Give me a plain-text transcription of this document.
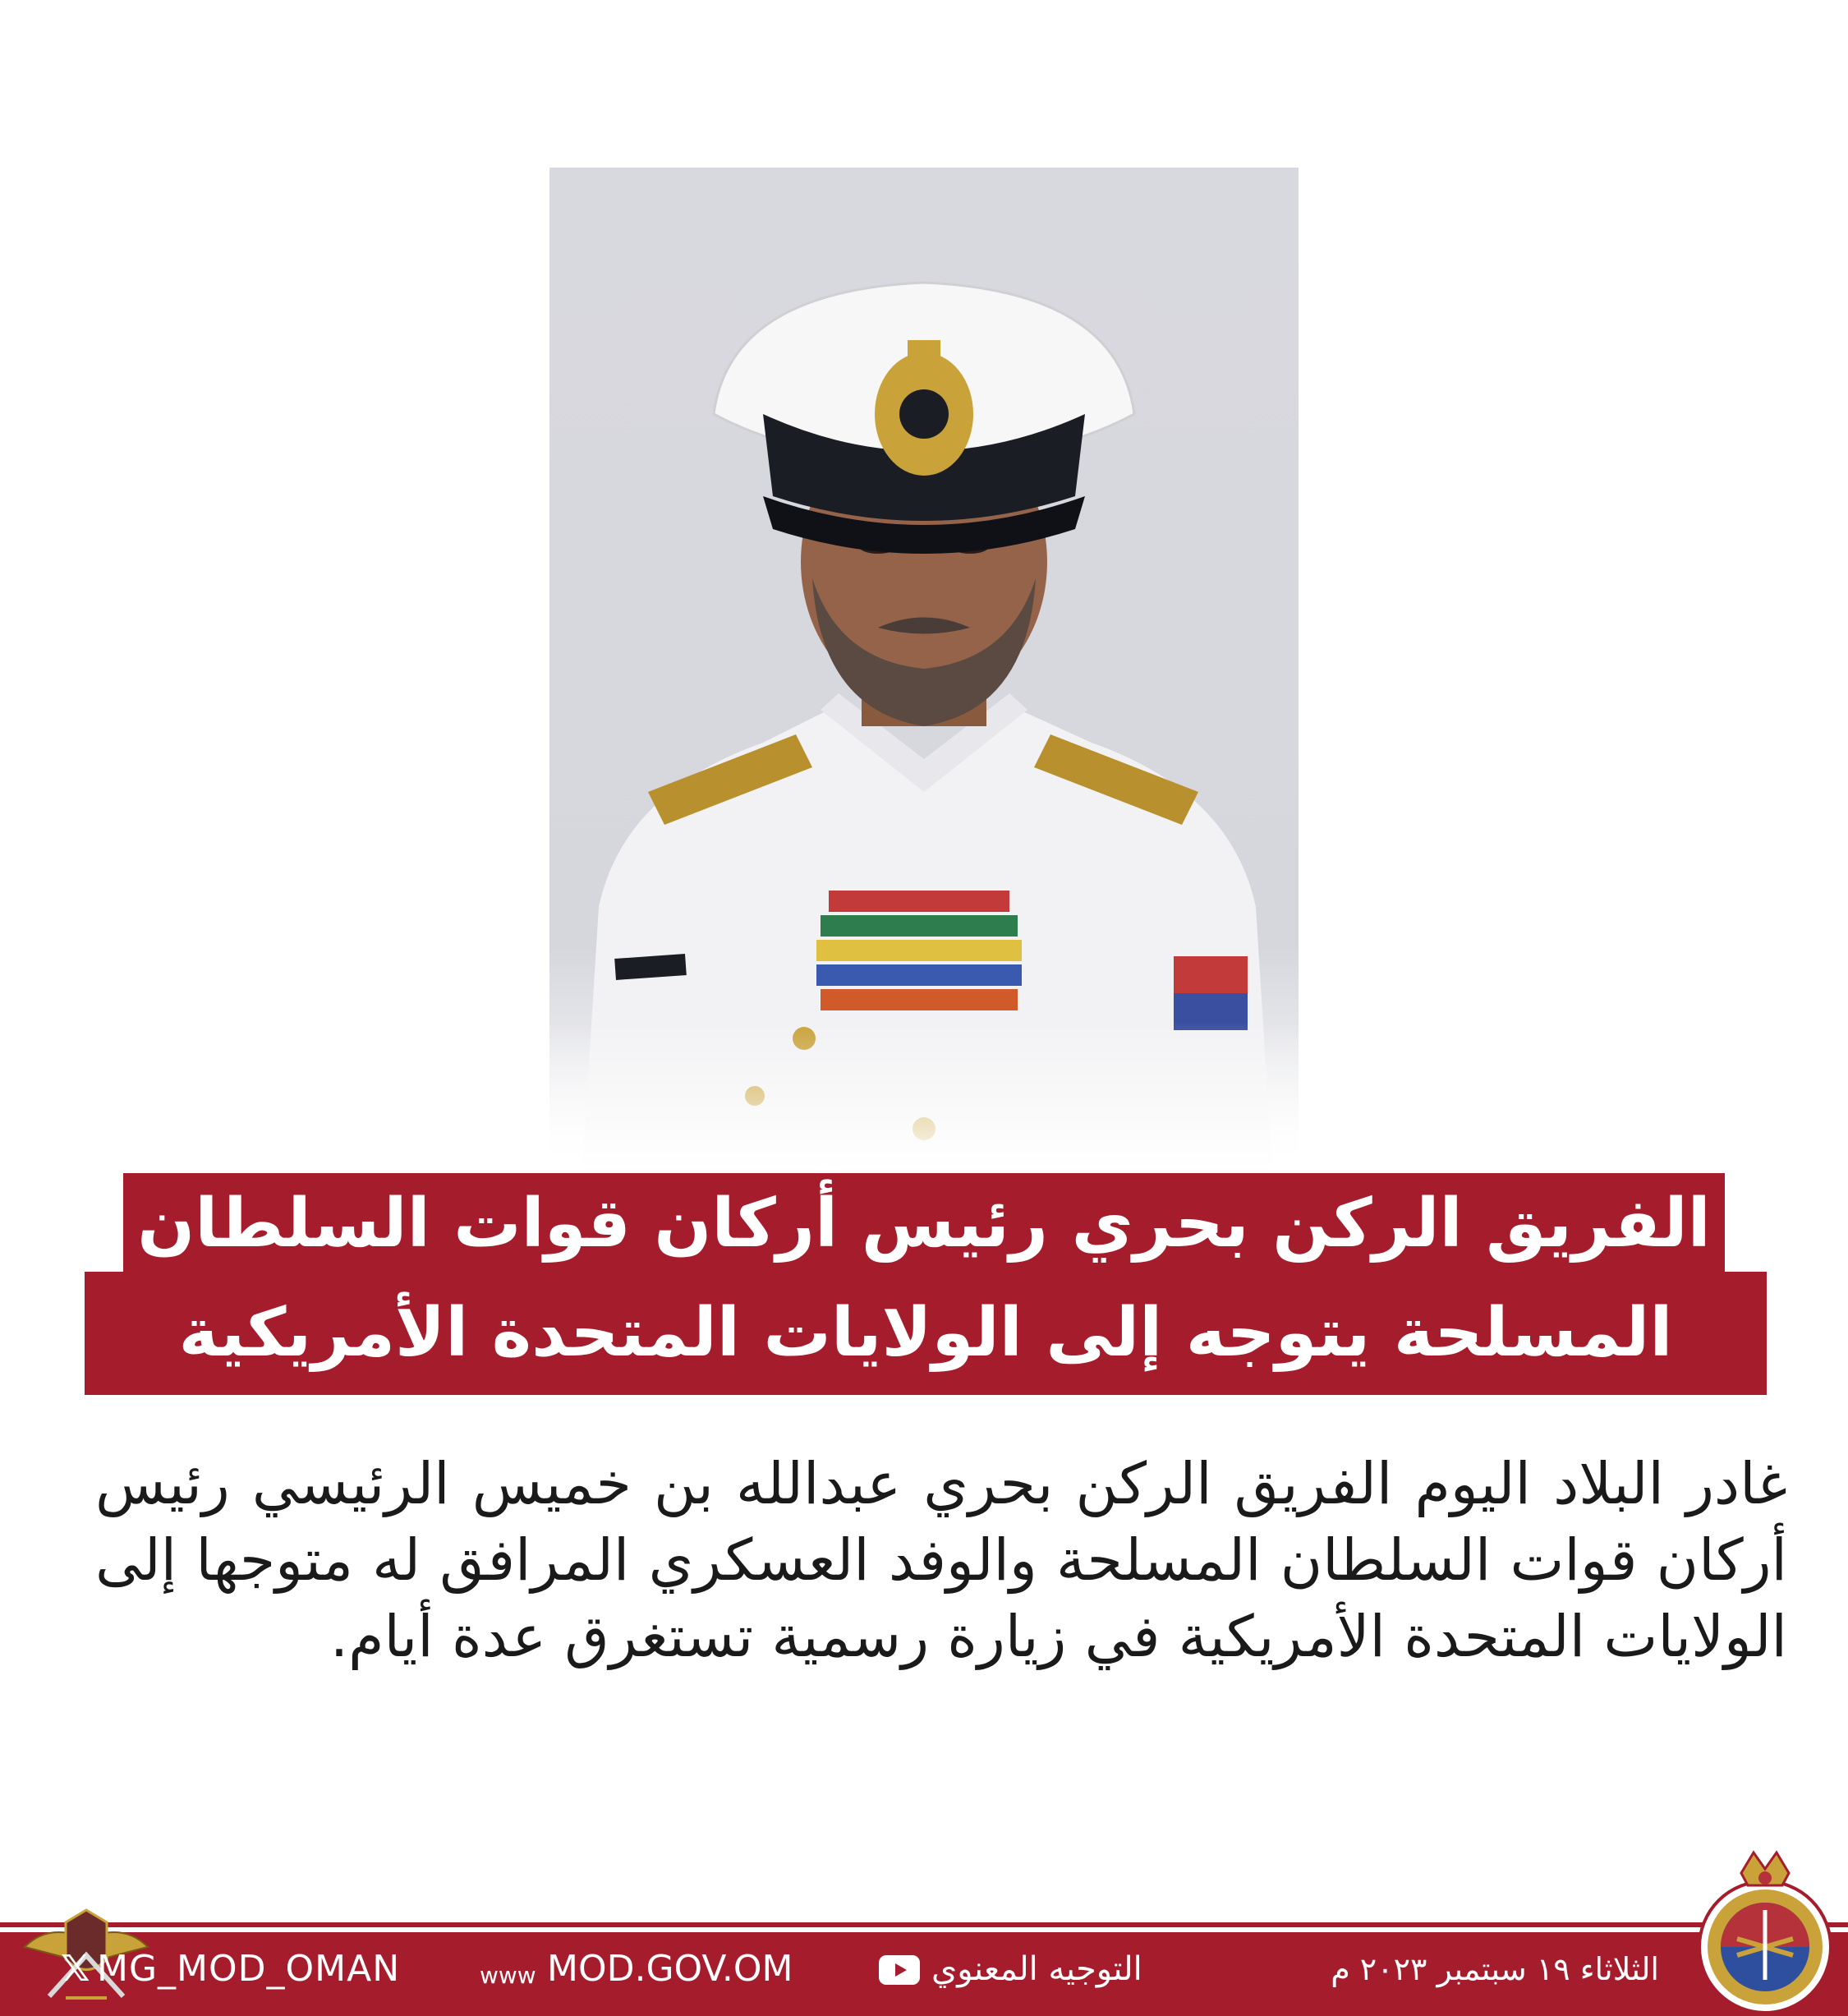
الفريق الركن بحري رئيس أركان قوات السلطان
المسلحة يتوجه إلى الولايات المتحدة الأمريكية

غادر البلاد اليوم الفريق الركن بحري عبدالله بن خميس الرئيسي رئيس أركان قوات السلطان المسلحة والوفد العسكري المرافق له متوجها إلى الولايات المتحدة الأمريكية في زيارة رسمية تستغرق عدة أيام.

𝕏 MG_MOD_OMAN	www MOD.GOV.OM	التوجيه المعنوي	الثلاثاء ١٩ سبتمبر ٢٠٢٣ م
